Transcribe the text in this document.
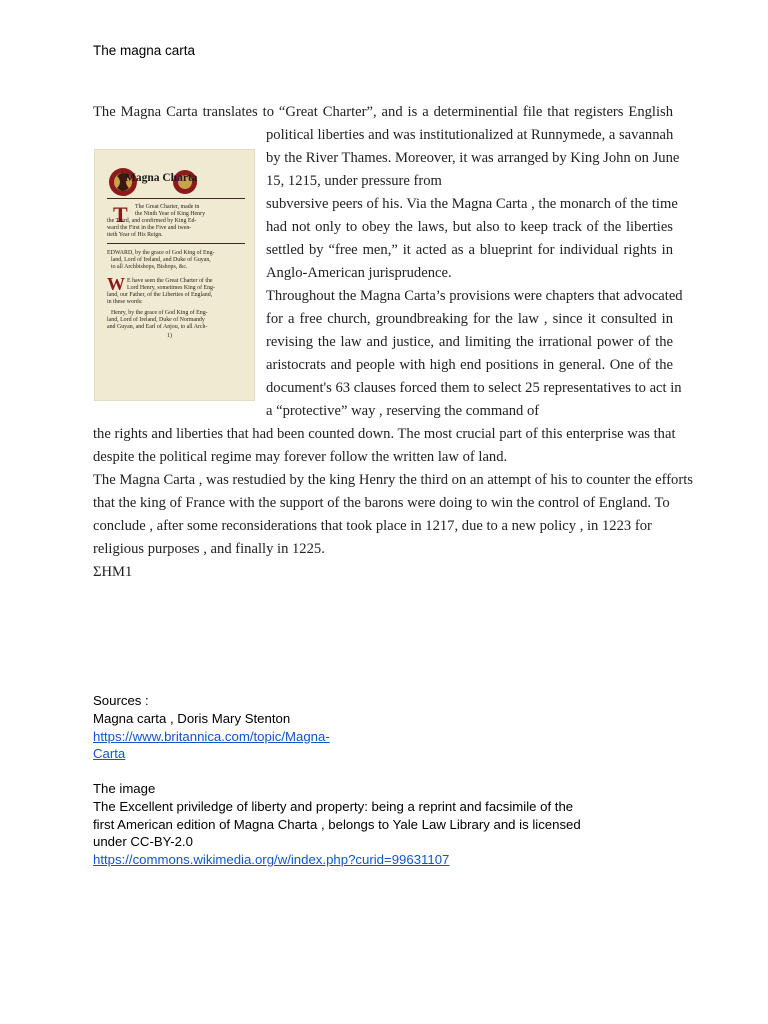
The magna carta
The Magna Carta translates to “Great Charter”, and is a determinential file that registers English
political liberties and was institutionalized at Runnymede, a savannah
by the River Thames. Moreover, it was arranged by King John on June
15, 1215, under pressure from
subversive peers of his. Via the Magna Carta , the monarch of the time
had not only to obey the laws, but also to keep track of the liberties
settled by “free men,” it acted as a blueprint for individual rights in
Anglo-American jurisprudence.
Throughout the Magna Carta’s provisions were chapters that advocated
for a free church, groundbreaking for the law , since it consulted in
revising the law and justice, and limiting the irrational power of the
aristocrats and people with high end positions in general. One of the
document's 63 clauses forced them to select 25 representatives to act in
a “protective” way , reserving the command of
the rights and liberties that had been counted down. The most crucial part of this enterprise was that
despite the political regime may forever follow the written law of land.
The Magna Carta , was restudied by the king Henry the third on an attempt of his to counter the efforts
that the king of France with the support of the barons were doing to win the control of England. To
conclude , after some reconsiderations that took place in 1217, due to a new policy , in 1223 for
religious purposes , and finally in 1225.
ΣΗΜ1
Magna Charta
T The Great Charter, made in
the Ninth Year of King Henry
the Third, and confirmed by King Ed-
ward the First in the Five and twen-
tieth Year of His Reign.
EDWARD, by the grace of God King of Eng-
land, Lord of Ireland, and Duke of Guyan,
to all Archbishops, Bishops, &c.
W E have seen the Great Charter of the
Lord Henry, sometimes King of Eng-
land, our Father, of the Liberties of England,
in these words:
Henry, by the grace of God King of Eng-
land, Lord of Ireland, Duke of Normandy
and Guyan, and Earl of Anjou, to all Arch-
1)
Sources :
Magna carta , Doris Mary Stenton
https://www.britannica.com/topic/Magna-
Carta
The image
The Excellent priviledge of liberty and property: being a reprint and facsimile of the
first American edition of Magna Charta , belongs to Yale Law Library and is licensed
under CC-BY-2.0
https://commons.wikimedia.org/w/index.php?curid=99631107
